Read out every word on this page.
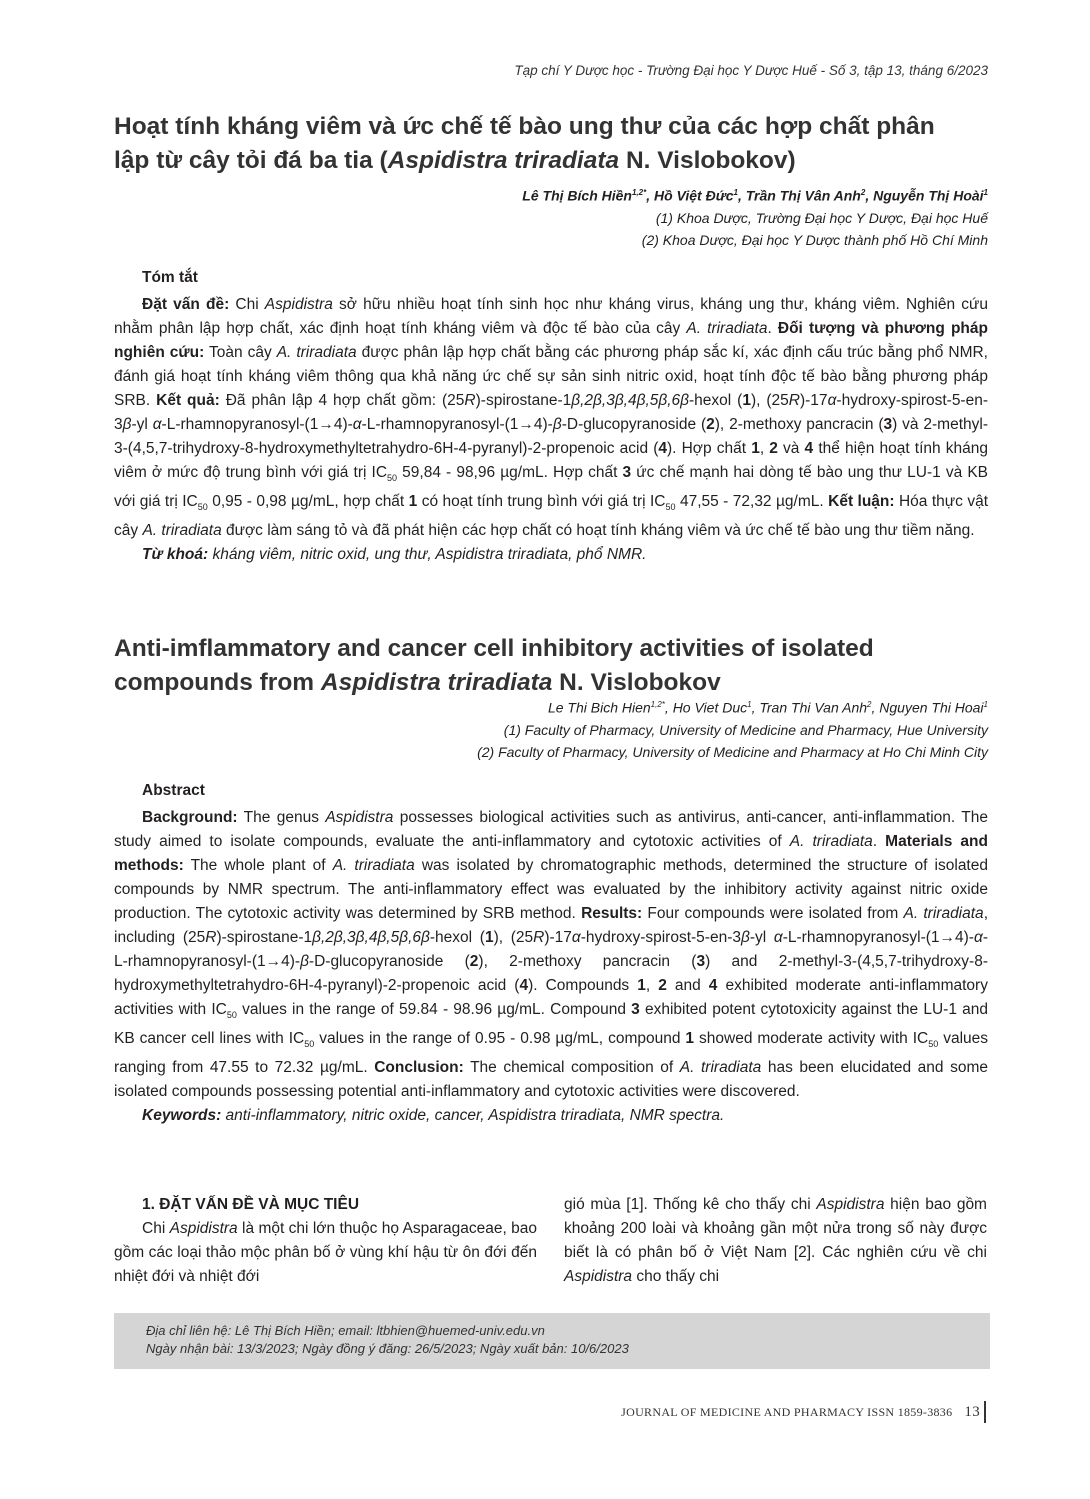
Tạp chí Y Dược học - Trường Đại học Y Dược Huế - Số 3, tập 13, tháng 6/2023
Hoạt tính kháng viêm và ức chế tế bào ung thư của các hợp chất phân
lập từ cây tỏi đá ba tia (Aspidistra triradiata N. Vislobokov)
Lê Thị Bích Hiền$^{1,2*}$, Hồ Việt Đức$^1$, Trần Thị Vân Anh$^2$, Nguyễn Thị Hoài$^1$
(1) Khoa Dược, Trường Đại học Y Dược, Đại học Huế
(2) Khoa Dược, Đại học Y Dược thành phố Hồ Chí Minh
Tóm tắt

Đặt vấn đề: Chi Aspidistra sở hữu nhiều hoạt tính sinh học như kháng virus, kháng ung thư, kháng viêm. Nghiên cứu nhằm phân lập hợp chất, xác định hoạt tính kháng viêm và độc tế bào của cây A. triradiata. Đối tượng và phương pháp nghiên cứu: Toàn cây A. triradiata được phân lập hợp chất bằng các phương pháp sắc kí, xác định cấu trúc bằng phổ NMR, đánh giá hoạt tính kháng viêm thông qua khả năng ức chế sự sản sinh nitric oxid, hoạt tính độc tế bào bằng phương pháp SRB. Kết quả: Đã phân lập 4 hợp chất gồm: (25R)-spirostane-1β,2β,3β,4β,5β,6β-hexol (1), (25R)-17α-hydroxy-spirost-5-en-3β-yl α-L-rhamnopyranosyl-(1→4)-α-L-rhamnopyranosyl-(1→4)-β-D-glucopyranoside (2), 2-methoxy pancracin (3) và 2-methyl-3-(4,5,7-trihydroxy-8-hydroxymethyltetrahydro-6H-4-pyranyl)-2-propenoic acid (4). Hợp chất 1, 2 và 4 thể hiện hoạt tính kháng viêm ở mức độ trung bình với giá trị $IC_{50}$ 59,84 - 98,96 µg/mL. Hợp chất 3 ức chế mạnh hai dòng tế bào ung thư LU-1 và KB với giá trị $IC_{50}$ 0,95 - 0,98 µg/mL, hợp chất 1 có hoạt tính trung bình với giá trị $IC_{50}$ 47,55 - 72,32 µg/mL. Kết luận: Hóa thực vật cây A. triradiata được làm sáng tỏ và đã phát hiện các hợp chất có hoạt tính kháng viêm và ức chế tế bào ung thư tiềm năng.

Từ khoá: kháng viêm, nitric oxid, ung thư, Aspidistra triradiata, phổ NMR.

Anti-imflammatory and cancer cell inhibitory activities of isolated
compounds from Aspidistra triradiata N. Vislobokov
Le Thi Bich Hien$^{1,2*}$, Ho Viet Duc$^1$, Tran Thi Van Anh$^2$, Nguyen Thi Hoai$^1$
(1) Faculty of Pharmacy, University of Medicine and Pharmacy, Hue University
(2) Faculty of Pharmacy, University of Medicine and Pharmacy at Ho Chi Minh City
Abstract

Background: The genus Aspidistra possesses biological activities such as antivirus, anti-cancer, anti-inflammation. The study aimed to isolate compounds, evaluate the anti-inflammatory and cytotoxic activities of A. triradiata. Materials and methods: The whole plant of A. triradiata was isolated by chromatographic methods, determined the structure of isolated compounds by NMR spectrum. The anti-inflammatory effect was evaluated by the inhibitory activity against nitric oxide production. The cytotoxic activity was determined by SRB method. Results: Four compounds were isolated from A. triradiata, including (25R)-spirostane-1β,2β,3β,4β,5β,6β-hexol (1), (25R)-17α-hydroxy-spirost-5-en-3β-yl α-L-rhamnopyranosyl-(1→4)-α-L-rhamnopyranosyl-(1→4)-β-D-glucopyranoside (2), 2-methoxy pancracin (3) and 2-methyl-3-(4,5,7-trihydroxy-8-hydroxymethyltetrahydro-6H-4-pyranyl)-2-propenoic acid (4). Compounds 1, 2 and 4 exhibited moderate anti-inflammatory activities with $IC_{50}$ values in the range of 59.84 - 98.96 µg/mL. Compound 3 exhibited potent cytotoxicity against the LU-1 and KB cancer cell lines with $IC_{50}$ values in the range of 0.95 - 0.98 µg/mL, compound 1 showed moderate activity with $IC_{50}$ values ranging from 47.55 to 72.32 µg/mL. Conclusion: The chemical composition of A. triradiata has been elucidated and some isolated compounds possessing potential anti-inflammatory and cytotoxic activities were discovered.

Keywords: anti-inflammatory, nitric oxide, cancer, Aspidistra triradiata, NMR spectra.

1. ĐẶT VẤN ĐỀ VÀ MỤC TIÊU

Chi Aspidistra là một chi lớn thuộc họ Asparagaceae, bao gồm các loại thảo mộc phân bố ở vùng khí hậu từ ôn đới đến nhiệt đới và nhiệt đới

gió mùa [1]. Thống kê cho thấy chi Aspidistra hiện bao gồm khoảng 200 loài và khoảng gần một nửa trong số này được biết là có phân bố ở Việt Nam [2]. Các nghiên cứu về chi Aspidistra cho thấy chi

Địa chỉ liên hệ: Lê Thị Bích Hiền; email: ltbhien@huemed-univ.edu.vn
Ngày nhận bài: 13/3/2023; Ngày đồng ý đăng: 26/5/2023; Ngày xuất bản: 10/6/2023
JOURNAL OF MEDICINE AND PHARMACY ISSN 1859-3836 13
